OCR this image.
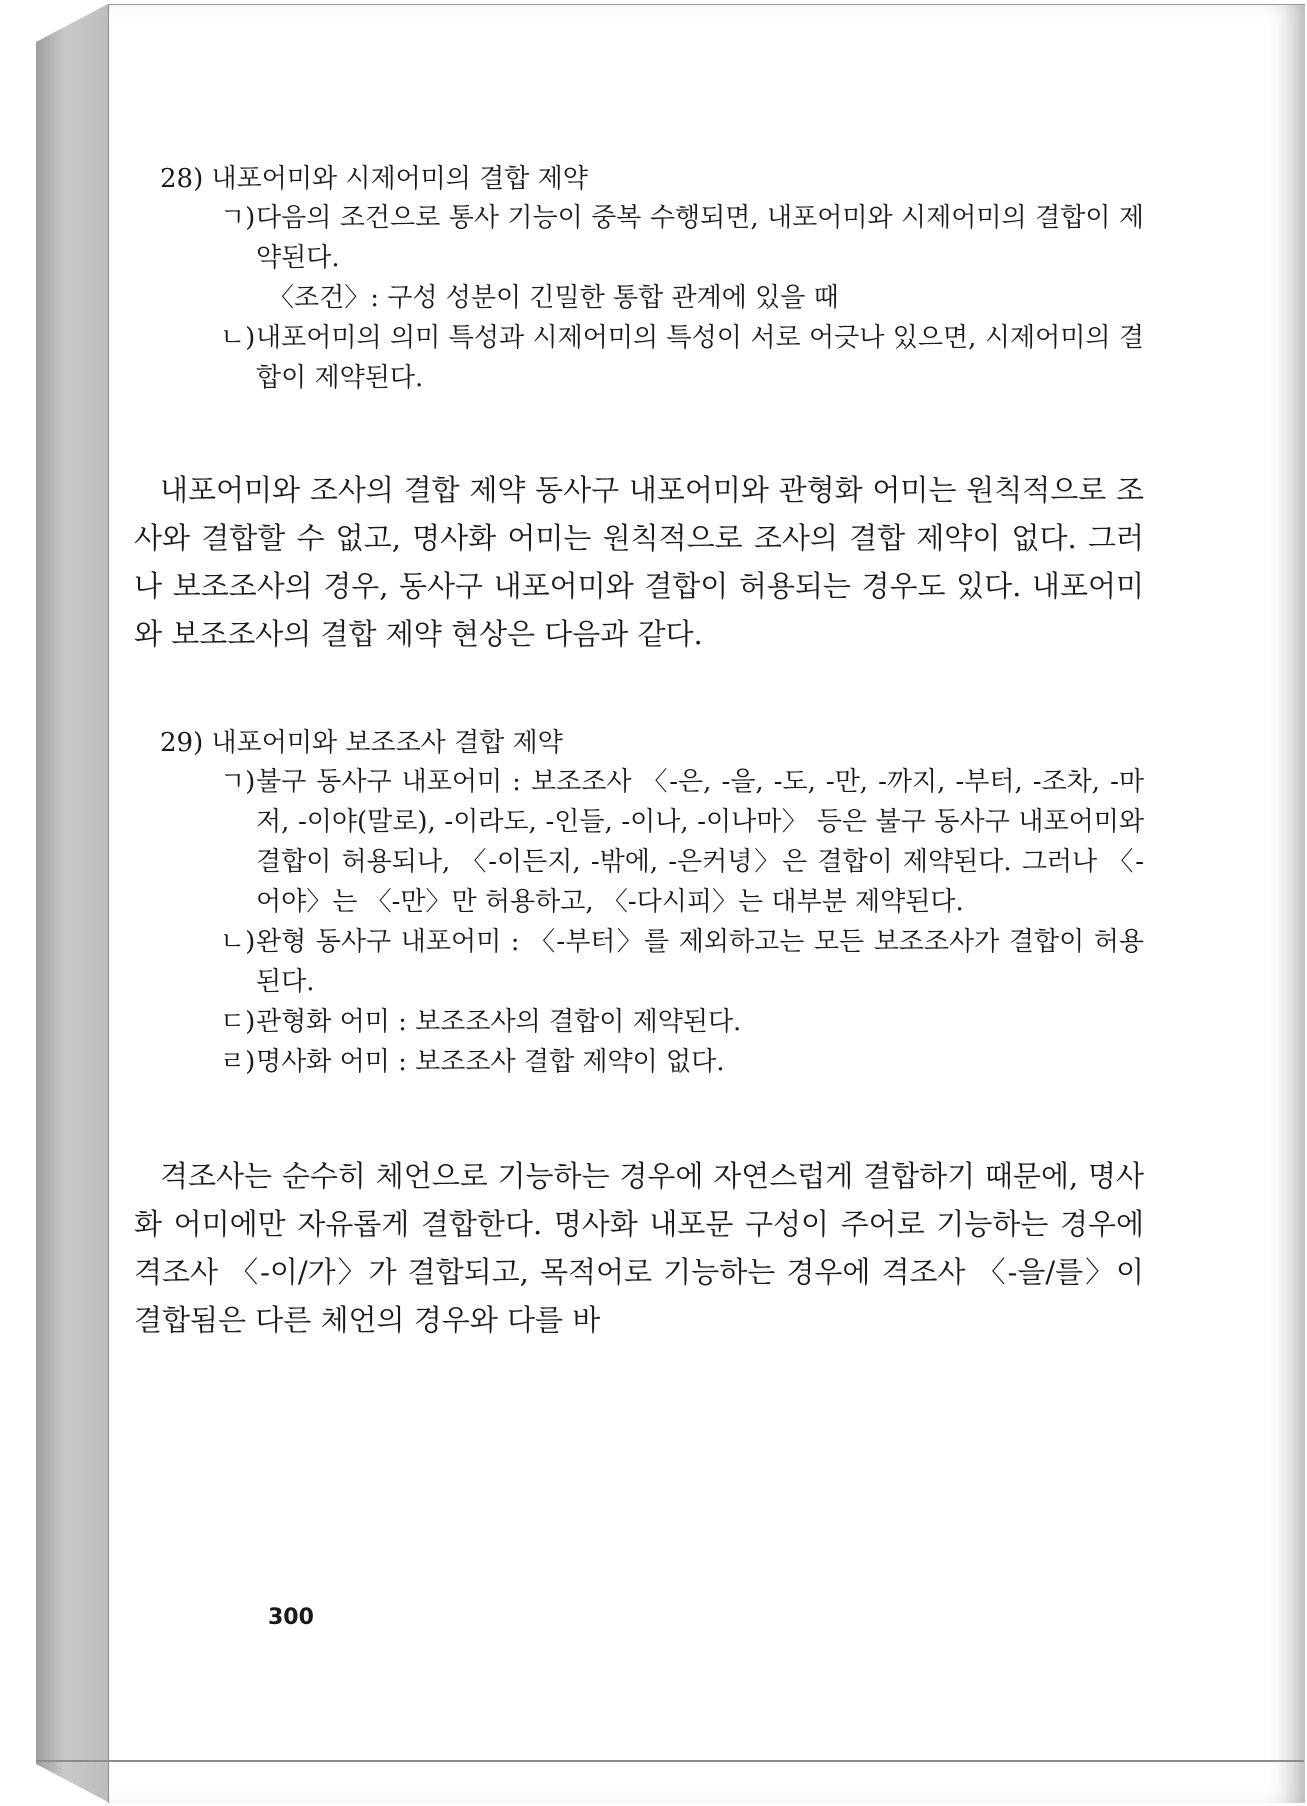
28) 내포어미와 시제어미의 결합 제약
ㄱ) 다음의 조건으로 통사 기능이 중복 수행되면, 내포어미와 시제어미의 결합이 제약된다.
〈조건〉: 구성 성분이 긴밀한 통합 관계에 있을 때
ㄴ) 내포어미의 의미 특성과 시제어미의 특성이 서로 어긋나 있으면, 시제어미의 결합이 제약된다.

내포어미와 조사의 결합 제약 동사구 내포어미와 관형화 어미는 원칙적으로 조사와 결합할 수 없고, 명사화 어미는 원칙적으로 조사의 결합 제약이 없다. 그러나 보조조사의 경우, 동사구 내포어미와 결합이 허용되는 경우도 있다. 내포어미와 보조조사의 결합 제약 현상은 다음과 같다.

29) 내포어미와 보조조사 결합 제약
ㄱ) 불구 동사구 내포어미 : 보조조사 〈-은, -을, -도, -만, -까지, -부터, -조차, -마저, -이야(말로), -이라도, -인들, -이나, -이나마〉 등은 불구 동사구 내포어미와 결합이 허용되나, 〈-이든지, -밖에, -은커녕〉은 결합이 제약된다. 그러나 〈-어야〉는 〈-만〉만 허용하고, 〈-다시피〉는 대부분 제약된다.
ㄴ) 완형 동사구 내포어미 : 〈-부터〉를 제외하고는 모든 보조조사가 결합이 허용된다.
ㄷ) 관형화 어미 : 보조조사의 결합이 제약된다.
ㄹ) 명사화 어미 : 보조조사 결합 제약이 없다.

격조사는 순수히 체언으로 기능하는 경우에 자연스럽게 결합하기 때문에, 명사화 어미에만 자유롭게 결합한다. 명사화 내포문 구성이 주어로 기능하는 경우에 격조사 〈-이/가〉가 결합되고, 목적어로 기능하는 경우에 격조사 〈-을/를〉이 결합됨은 다른 체언의 경우와 다를 바

300
